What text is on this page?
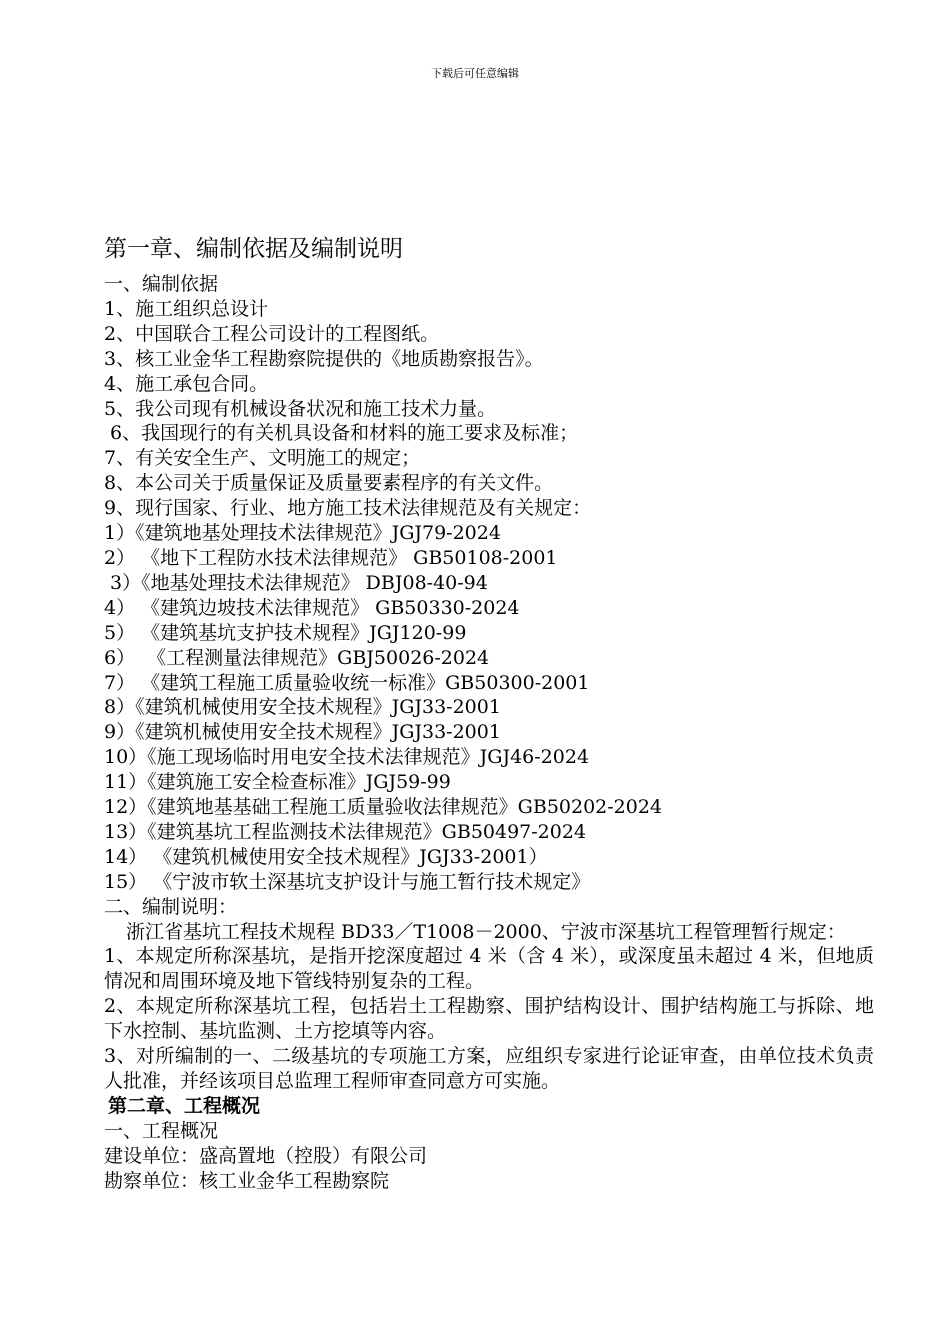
下载后可任意编辑
第一章、编制依据及编制说明
一、编制依据
1、施工组织总设计
2、中国联合工程公司设计的工程图纸。
3、核工业金华工程勘察院提供的《地质勘察报告》。
4、施工承包合同。
5、我公司现有机械设备状况和施工技术力量。
6、我国现行的有关机具设备和材料的施工要求及标准；
7、有关安全生产、文明施工的规定；
8、本公司关于质量保证及质量要素程序的有关文件。
9、现行国家、行业、地方施工技术法律规范及有关规定：
1）《建筑地基处理技术法律规范》JGJ79-2024
2） 《地下工程防水技术法律规范》 GB50108-2001
3）《地基处理技术法律规范》 DBJ08-40-94
4） 《建筑边坡技术法律规范》 GB50330-2024
5） 《建筑基坑支护技术规程》JGJ120-99
6）  《工程测量法律规范》GBJ50026-2024
7） 《建筑工程施工质量验收统一标准》GB50300-2001
8）《建筑机械使用安全技术规程》JGJ33-2001
9）《建筑机械使用安全技术规程》JGJ33-2001
10）《施工现场临时用电安全技术法律规范》JGJ46-2024
11）《建筑施工安全检查标准》JGJ59-99
12）《建筑地基基础工程施工质量验收法律规范》GB50202-2024
13）《建筑基坑工程监测技术法律规范》GB50497-2024
14） 《建筑机械使用安全技术规程》JGJ33-2001）
15） 《宁波市软土深基坑支护设计与施工暂行技术规定》
二、编制说明：
浙江省基坑工程技术规程 BD33／T1008－2000、宁波市深基坑工程管理暂行规定：
1、本规定所称深基坑，是指开挖深度超过 4 米（含 4 米），或深度虽未超过 4 米，但地质情况和周围环境及地下管线特别复杂的工程。
2、本规定所称深基坑工程，包括岩土工程勘察、围护结构设计、围护结构施工与拆除、地下水控制、基坑监测、土方挖填等内容。
3、对所编制的一、二级基坑的专项施工方案，应组织专家进行论证审查，由单位技术负责人批准，并经该项目总监理工程师审查同意方可实施。
第二章、工程概况
一、工程概况
建设单位：盛高置地（控股）有限公司
勘察单位：核工业金华工程勘察院
